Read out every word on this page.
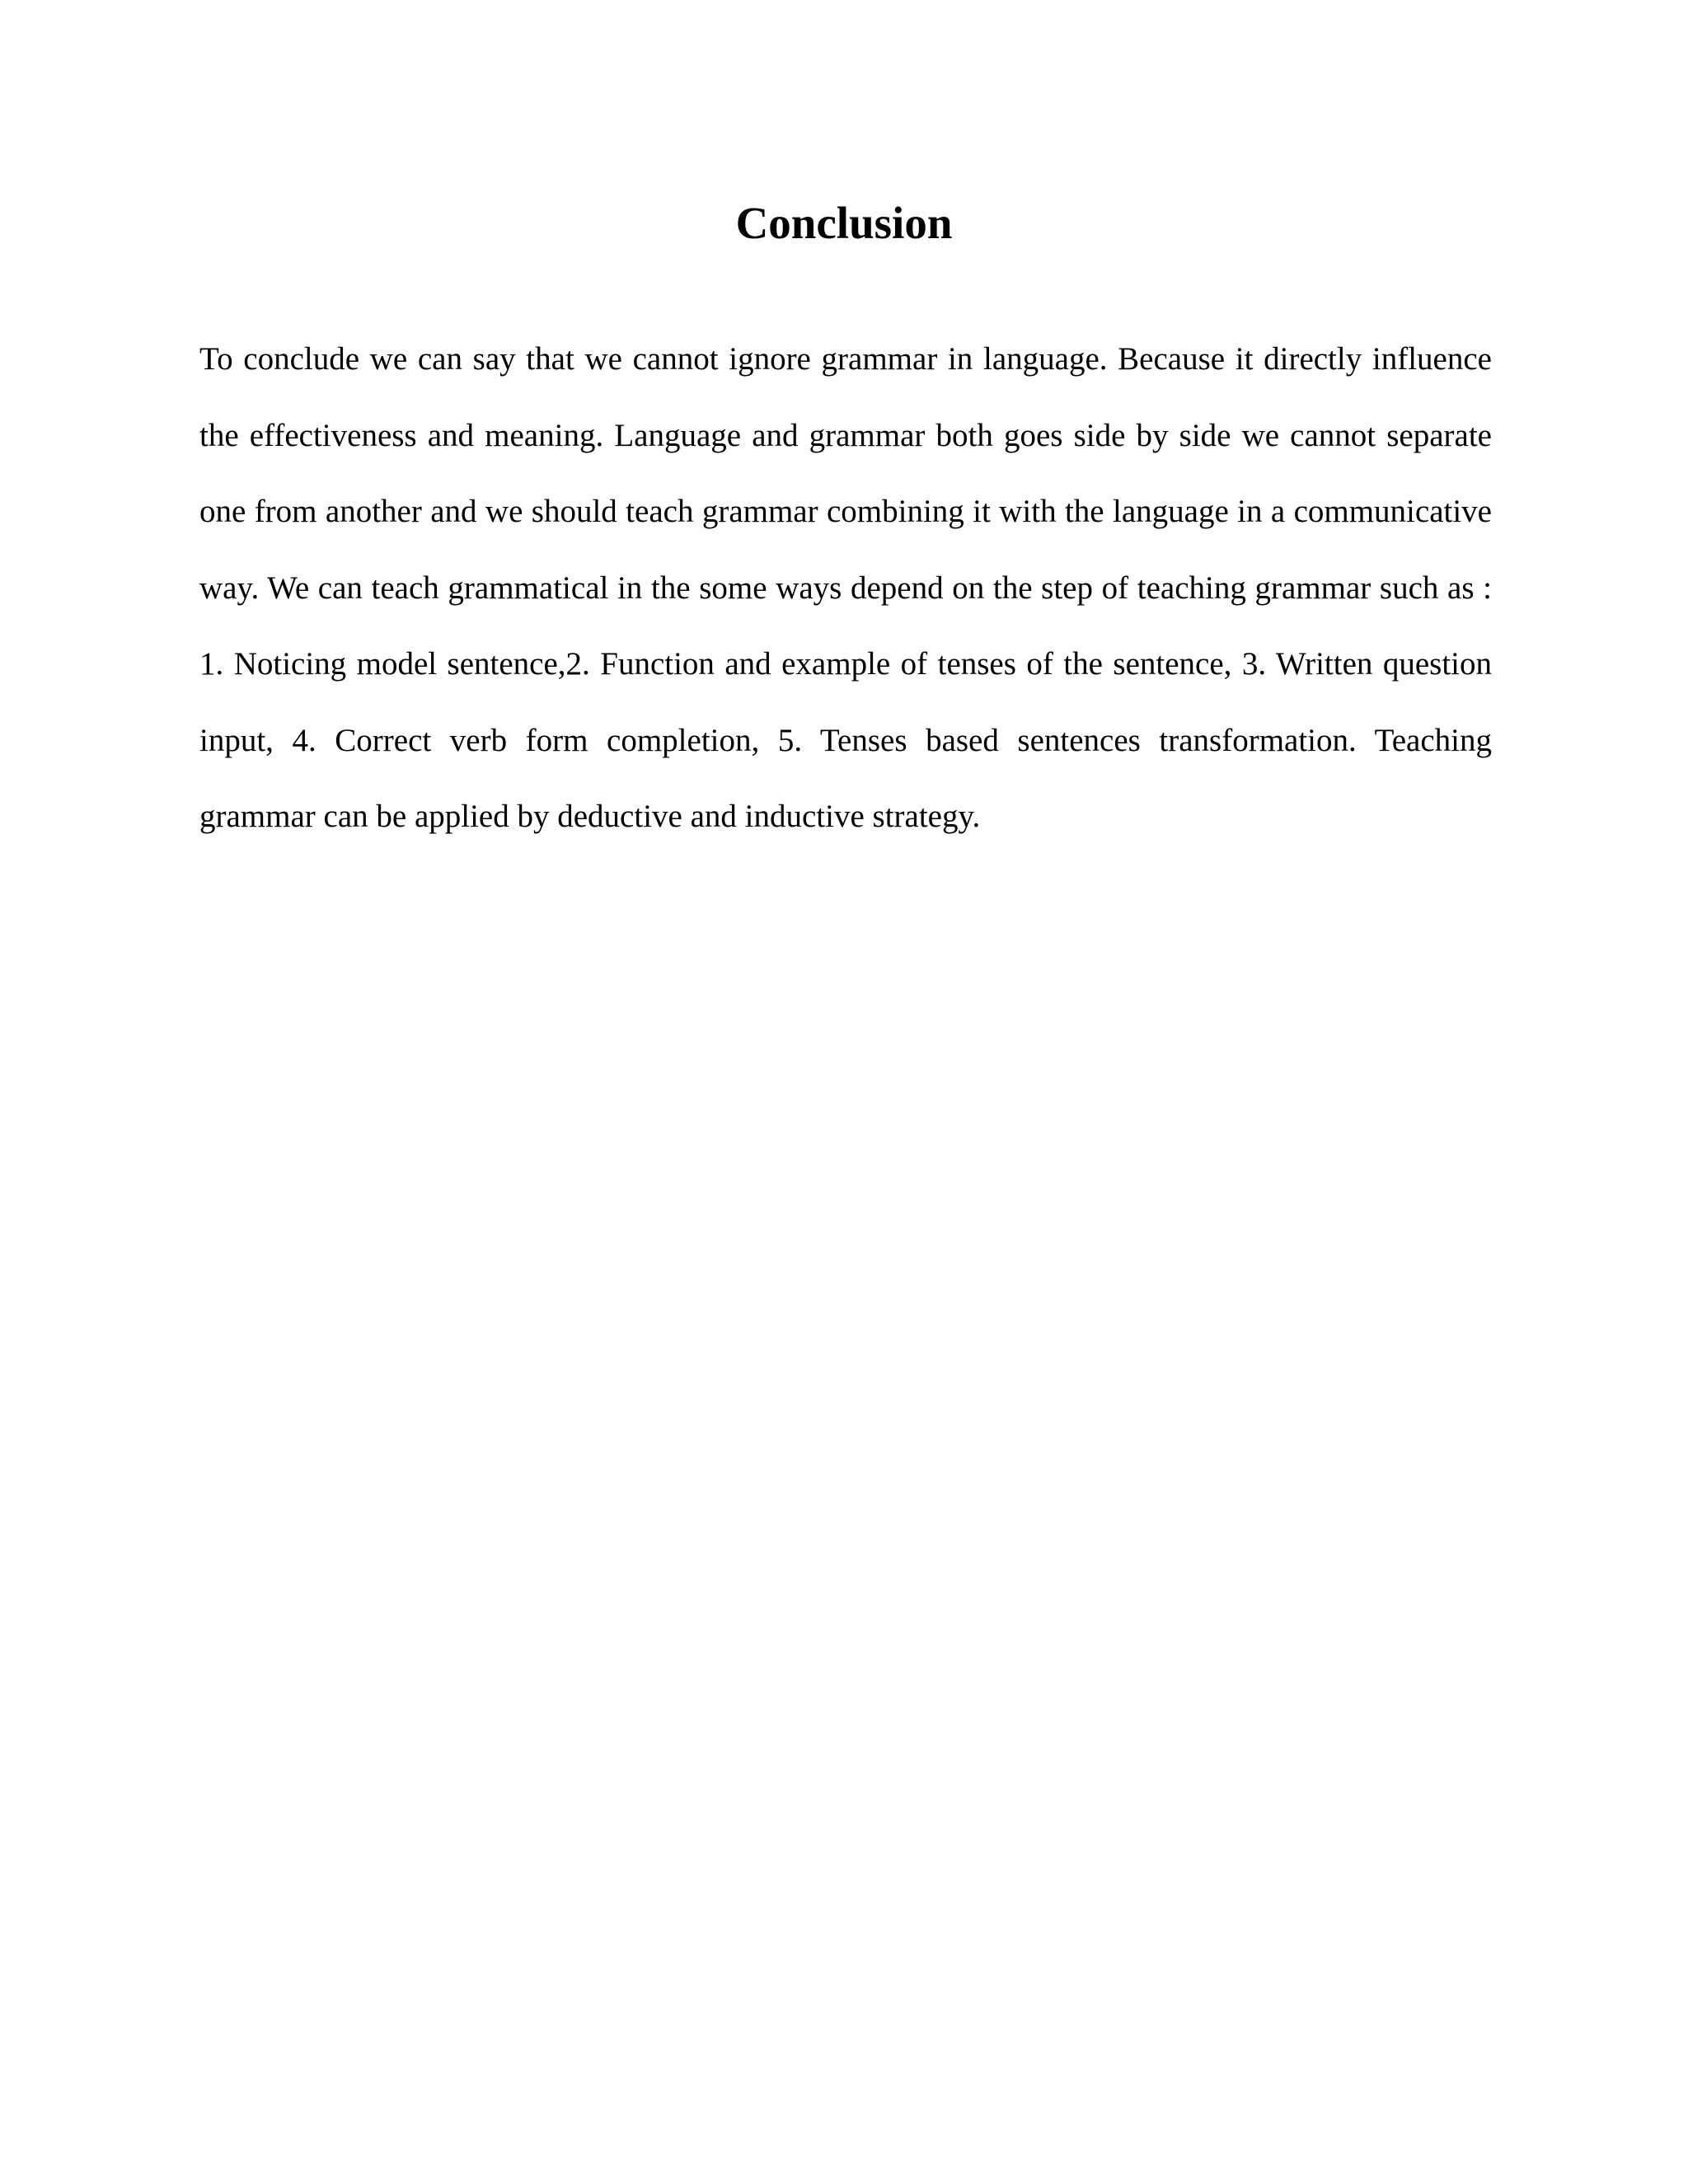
Conclusion

To conclude we can say that we cannot ignore grammar in language. Because it directly influence the effectiveness and meaning. Language and grammar both goes side by side we cannot separate one from another and we should teach grammar combining it with the language in a communicative way. We can teach grammatical in the some ways depend on the step of teaching grammar such as : 1. Noticing model sentence,2. Function and example of tenses of the sentence, 3. Written question input, 4. Correct verb form completion, 5. Tenses based sentences transformation. Teaching grammar can be applied by deductive and inductive strategy.
